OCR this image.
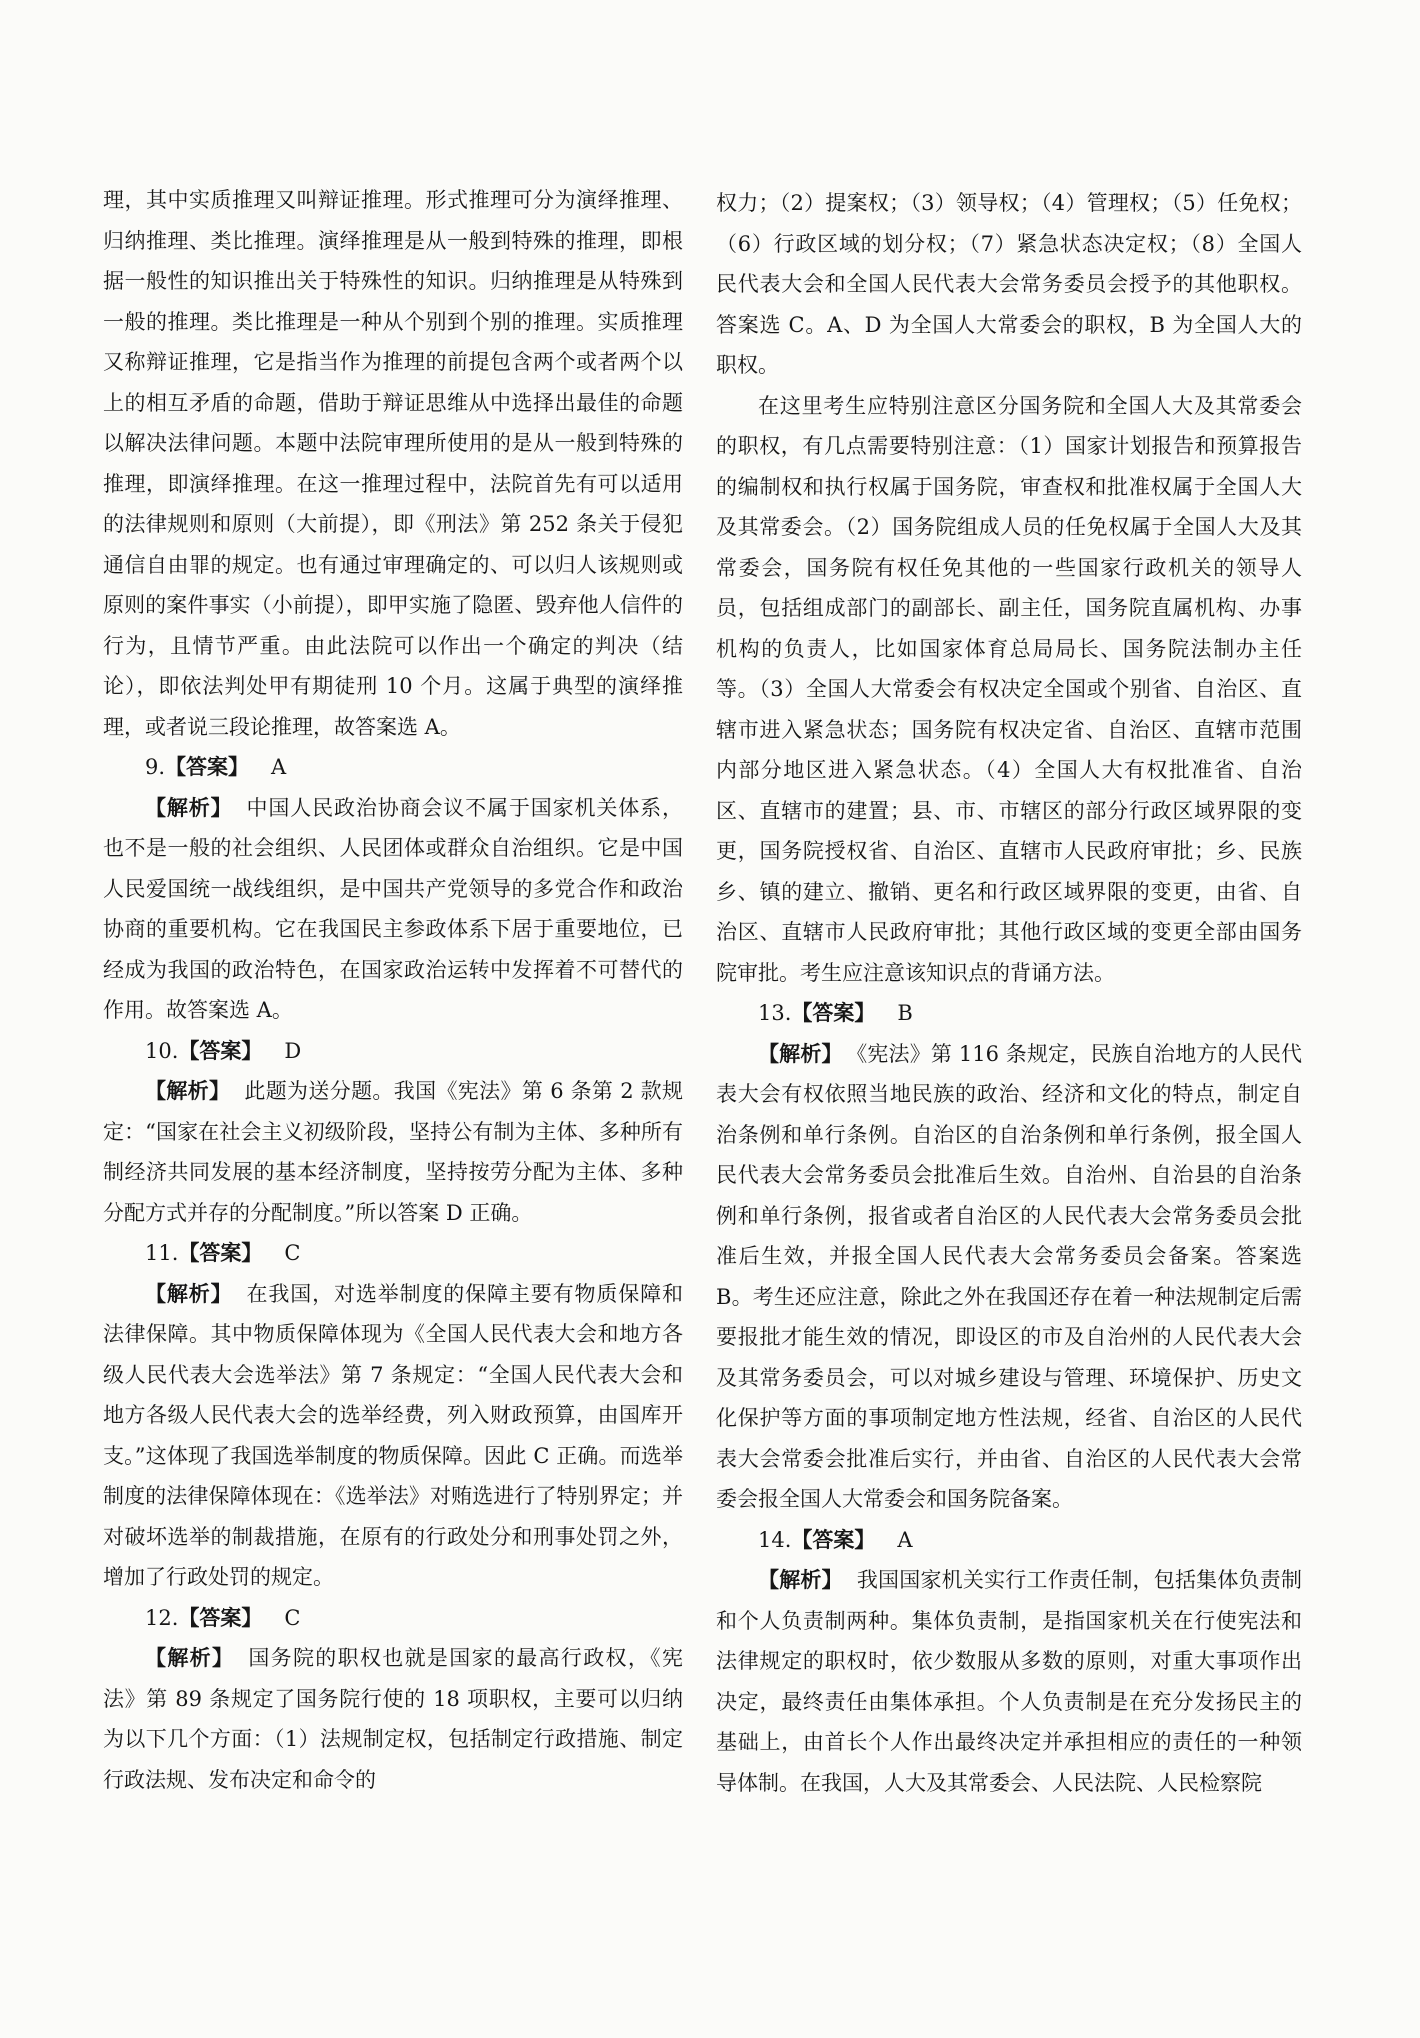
理，其中实质推理又叫辩证推理。形式推理可分为演绎推理、归纳推理、类比推理。演绎推理是从一般到特殊的推理，即根据一般性的知识推出关于特殊性的知识。归纳推理是从特殊到一般的推理。类比推理是一种从个别到个别的推理。实质推理又称辩证推理，它是指当作为推理的前提包含两个或者两个以上的相互矛盾的命题，借助于辩证思维从中选择出最佳的命题以解决法律问题。本题中法院审理所使用的是从一般到特殊的推理，即演绎推理。在这一推理过程中，法院首先有可以适用的法律规则和原则（大前提），即《刑法》第 252 条关于侵犯通信自由罪的规定。也有通过审理确定的、可以归人该规则或原则的案件事实（小前提），即甲实施了隐匿、毁弃他人信件的行为，且情节严重。由此法院可以作出一个确定的判决（结论），即依法判处甲有期徒刑 10 个月。这属于典型的演绎推理，或者说三段论推理，故答案选 A。

9.【答案】 A

【解析】 中国人民政治协商会议不属于国家机关体系，也不是一般的社会组织、人民团体或群众自治组织。它是中国人民爱国统一战线组织，是中国共产党领导的多党合作和政治协商的重要机构。它在我国民主参政体系下居于重要地位，已经成为我国的政治特色，在国家政治运转中发挥着不可替代的作用。故答案选 A。

10.【答案】 D

【解析】 此题为送分题。我国《宪法》第 6 条第 2 款规定：“国家在社会主义初级阶段，坚持公有制为主体、多种所有制经济共同发展的基本经济制度，坚持按劳分配为主体、多种分配方式并存的分配制度。”所以答案 D 正确。

11.【答案】 C

【解析】 在我国，对选举制度的保障主要有物质保障和法律保障。其中物质保障体现为《全国人民代表大会和地方各级人民代表大会选举法》第 7 条规定：“全国人民代表大会和地方各级人民代表大会的选举经费，列入财政预算，由国库开支。”这体现了我国选举制度的物质保障。因此 C 正确。而选举制度的法律保障体现在：《选举法》对贿选进行了特别界定；并对破坏选举的制裁措施，在原有的行政处分和刑事处罚之外，增加了行政处罚的规定。

12.【答案】 C

【解析】 国务院的职权也就是国家的最高行政权，《宪法》第 89 条规定了国务院行使的 18 项职权，主要可以归纳为以下几个方面：（1）法规制定权，包括制定行政措施、制定行政法规、发布决定和命令的

权力；（2）提案权；（3）领导权；（4）管理权；（5）任免权；（6）行政区域的划分权；（7）紧急状态决定权；（8）全国人民代表大会和全国人民代表大会常务委员会授予的其他职权。答案选 C。A、D 为全国人大常委会的职权，B 为全国人大的职权。

在这里考生应特别注意区分国务院和全国人大及其常委会的职权，有几点需要特别注意：（1）国家计划报告和预算报告的编制权和执行权属于国务院，审查权和批准权属于全国人大及其常委会。（2）国务院组成人员的任免权属于全国人大及其常委会，国务院有权任免其他的一些国家行政机关的领导人员，包括组成部门的副部长、副主任，国务院直属机构、办事机构的负责人，比如国家体育总局局长、国务院法制办主任等。（3）全国人大常委会有权决定全国或个别省、自治区、直辖市进入紧急状态；国务院有权决定省、自治区、直辖市范围内部分地区进入紧急状态。（4）全国人大有权批准省、自治区、直辖市的建置；县、市、市辖区的部分行政区域界限的变更，国务院授权省、自治区、直辖市人民政府审批；乡、民族乡、镇的建立、撤销、更名和行政区域界限的变更，由省、自治区、直辖市人民政府审批；其他行政区域的变更全部由国务院审批。考生应注意该知识点的背诵方法。

13.【答案】 B

【解析】 《宪法》第 116 条规定，民族自治地方的人民代表大会有权依照当地民族的政治、经济和文化的特点，制定自治条例和单行条例。自治区的自治条例和单行条例，报全国人民代表大会常务委员会批准后生效。自治州、自治县的自治条例和单行条例，报省或者自治区的人民代表大会常务委员会批准后生效，并报全国人民代表大会常务委员会备案。答案选 B。考生还应注意，除此之外在我国还存在着一种法规制定后需要报批才能生效的情况，即设区的市及自治州的人民代表大会及其常务委员会，可以对城乡建设与管理、环境保护、历史文化保护等方面的事项制定地方性法规，经省、自治区的人民代表大会常委会批准后实行，并由省、自治区的人民代表大会常委会报全国人大常委会和国务院备案。

14.【答案】 A

【解析】 我国国家机关实行工作责任制，包括集体负责制和个人负责制两种。集体负责制，是指国家机关在行使宪法和法律规定的职权时，依少数服从多数的原则，对重大事项作出决定，最终责任由集体承担。个人负责制是在充分发扬民主的基础上，由首长个人作出最终决定并承担相应的责任的一种领导体制。在我国，人大及其常委会、人民法院、人民检察院
